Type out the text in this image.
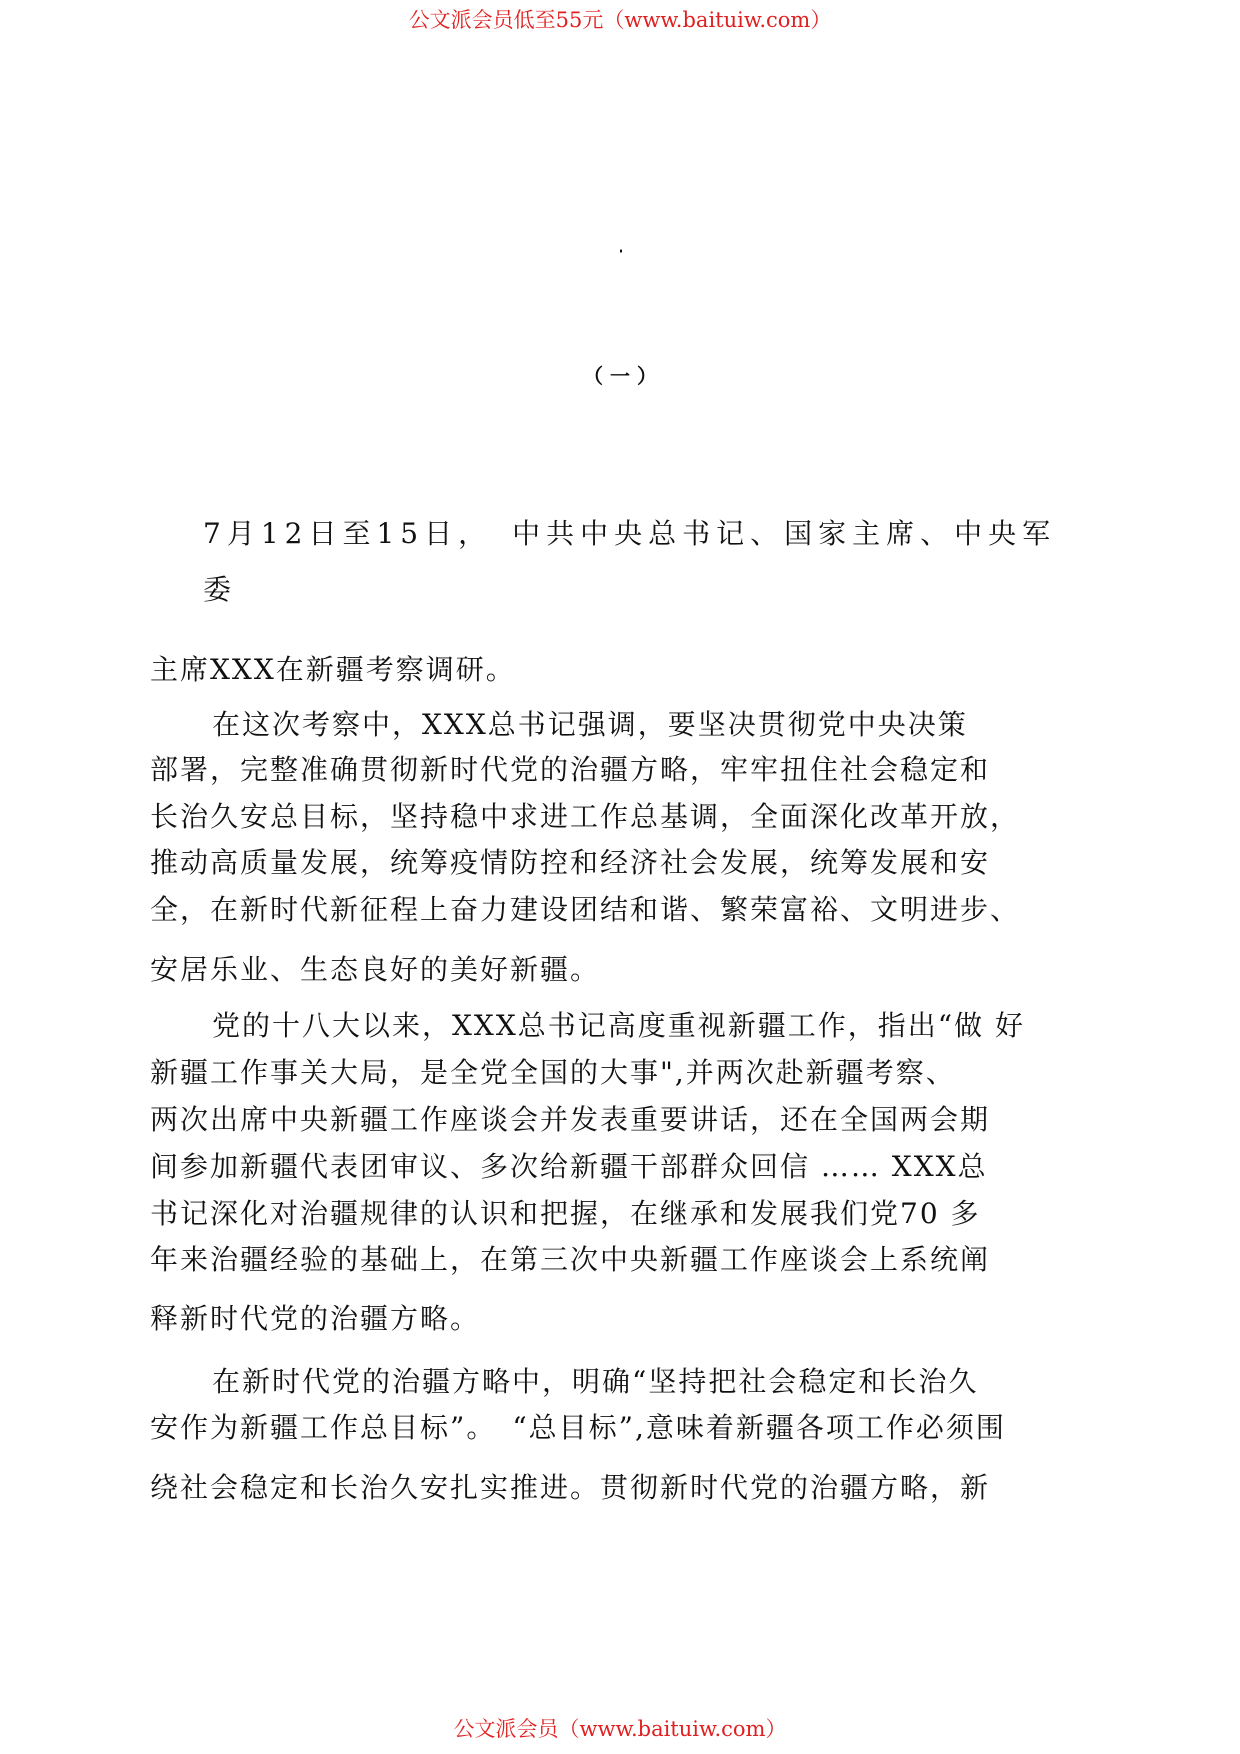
公文派会员低至55元（www.baituiw.com）
新时代党的治疆方略专题研讨发言材料党课讲稿共六篇
（ 一 ）
7月12日至15日，　中共中央总书记、国家主席、中央军
委
主席XXX在新疆考察调研。
在这次考察中，XXX总书记强调，要坚决贯彻党中央决策
部署，完整准确贯彻新时代党的治疆方略，牢牢扭住社会稳定和
长治久安总目标，坚持稳中求进工作总基调，全面深化改革开放，
推动高质量发展，统筹疫情防控和经济社会发展，统筹发展和安
全，在新时代新征程上奋力建设团结和谐、繁荣富裕、文明进步、
安居乐业、生态良好的美好新疆。
党的十八大以来，XXX总书记高度重视新疆工作，指出“做 好
新疆工作事关大局，是全党全国的大事",并两次赴新疆考察、
两次出席中央新疆工作座谈会并发表重要讲话，还在全国两会期
间参加新疆代表团审议、多次给新疆干部群众回信 …… XXX总
书记深化对治疆规律的认识和把握，在继承和发展我们党70 多
年来治疆经验的基础上，在第三次中央新疆工作座谈会上系统阐
释新时代党的治疆方略。
在新时代党的治疆方略中，明确“坚持把社会稳定和长治久
安作为新疆工作总目标”。　“总目标”,意味着新疆各项工作必须围
绕社会稳定和长治久安扎实推进。贯彻新时代党的治疆方略，新
公文派会员（www.baituiw.com）
